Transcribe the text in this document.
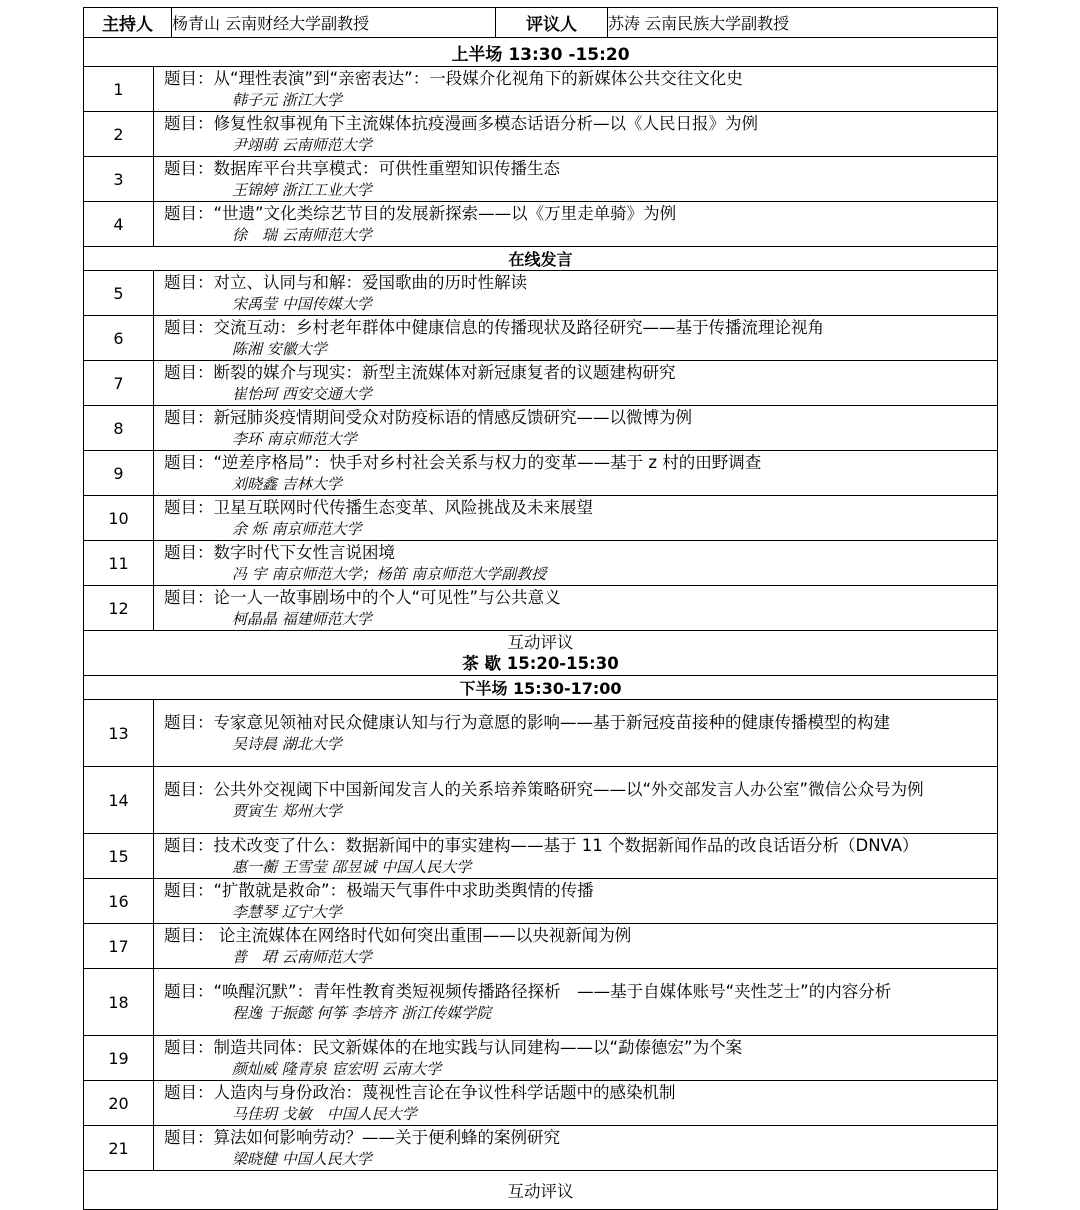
主持人		杨青山 云南财经大学副教授	评议人	苏涛 云南民族大学副教授
上半场 13:30 -15:20				
1	题目：从“理性表演”到“亲密表达”：一段媒介化视角下的新媒体公共交往文化史
韩子元 浙江大学			

2	题目：修复性叙事视角下主流媒体抗疫漫画多模态话语分析—以《人民日报》为例
尹翊萌 云南师范大学			

3	题目：数据库平台共享模式：可供性重塑知识传播生态
王锦婷 浙江工业大学			

4	题目：“世遗”文化类综艺节目的发展新探索——以《万里走单骑》为例
徐　瑞 云南师范大学			

在线发言				
5	题目：对立、认同与和解：爱国歌曲的历时性解读
宋禹莹 中国传媒大学			

6	题目：交流互动：乡村老年群体中健康信息的传播现状及路径研究——基于传播流理论视角
陈湘 安徽大学			

7	题目：断裂的媒介与现实：新型主流媒体对新冠康复者的议题建构研究
崔怡珂 西安交通大学			

8	题目：新冠肺炎疫情期间受众对防疫标语的情感反馈研究——以微博为例
李环 南京师范大学			

9	题目：“逆差序格局”：快手对乡村社会关系与权力的变革——基于 z 村的田野调查
刘晓鑫 吉林大学			

10	题目：卫星互联网时代传播生态变革、风险挑战及未来展望
余 烁 南京师范大学			

11	题目：数字时代下女性言说困境
冯 宇 南京师范大学；杨笛 南京师范大学副教授			

12	题目：论一人一故事剧场中的个人“可见性”与公共意义
柯晶晶 福建师范大学			

互动评议
茶 歇 15:20-15:30				

下半场 15:30-17:00				
13	题目：专家意见领袖对民众健康认知与行为意愿的影响——基于新冠疫苗接种的健康传播模型的构建
吴诗晨 湖北大学			

14	题目：公共外交视阈下中国新闻发言人的关系培养策略研究——以“外交部发言人办公室”微信公众号为例
贾寅生 郑州大学			

15	题目：技术改变了什么：数据新闻中的事实建构——基于 11 个数据新闻作品的改良话语分析（DNVA）
惠一蘅 王雪莹 邵昱诚 中国人民大学			

16	题目：“扩散就是救命”：极端天气事件中求助类舆情的传播
李慧琴 辽宁大学			

17	题目： 论主流媒体在网络时代如何突出重围——以央视新闻为例
普　珺 云南师范大学			

18	题目：“唤醒沉默”：青年性教育类短视频传播路径探析　——基于自媒体账号“夹性芝士”的内容分析
程逸 于振懿 何筝 李培齐 浙江传媒学院			

19	题目：制造共同体：民文新媒体的在地实践与认同建构——以“勐傣德宏”为个案
颜灿威 隆青泉 宦宏明 云南大学			

20	题目：人造肉与身份政治：蔑视性言论在争议性科学话题中的感染机制
马佳玥 戈敏　中国人民大学			

21	题目：算法如何影响劳动？——关于便利蜂的案例研究
梁晓健 中国人民大学			

互动评议				
